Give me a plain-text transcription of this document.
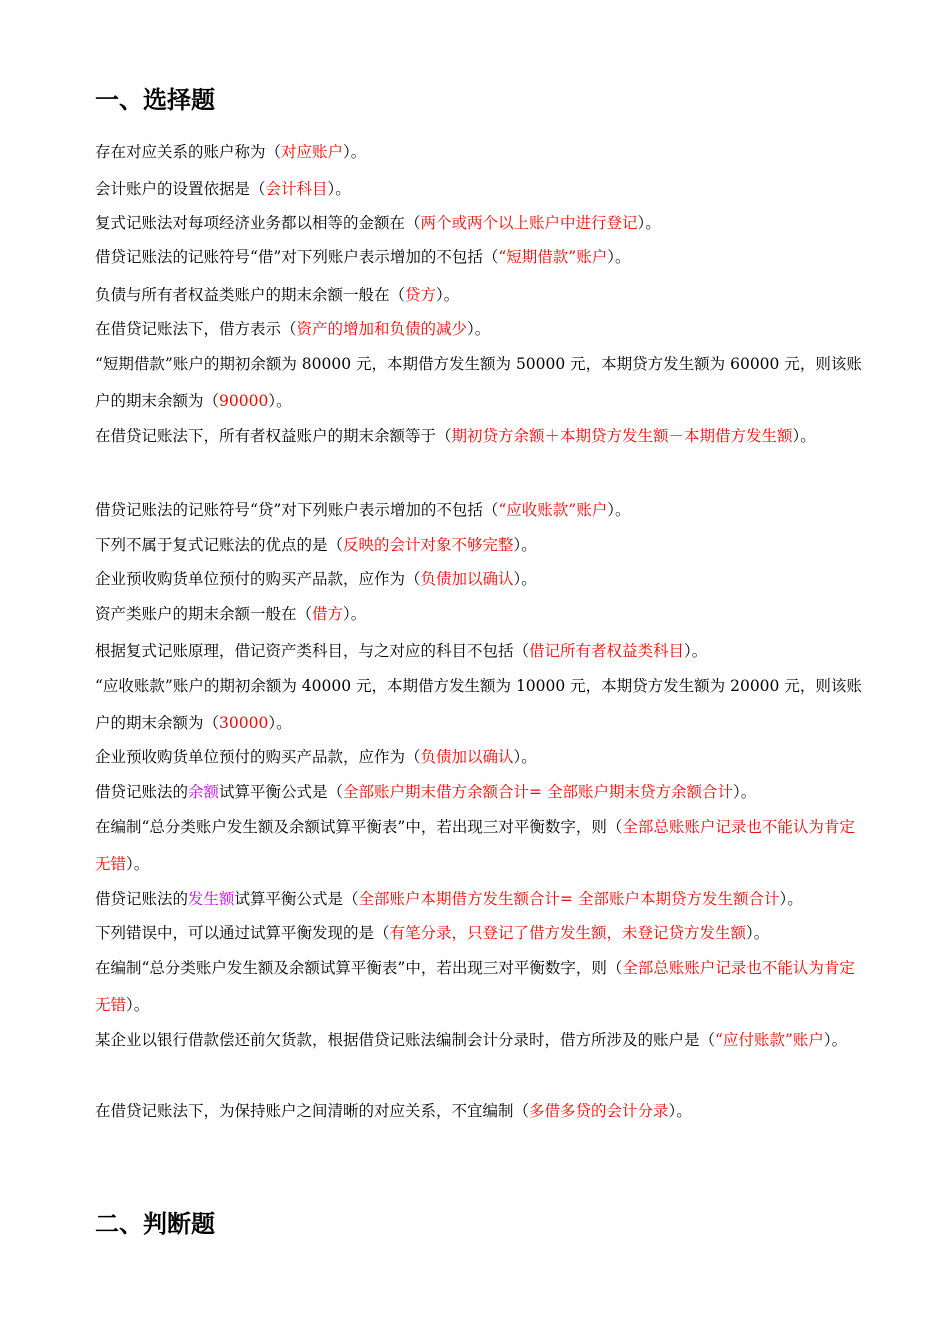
一、选择题

存在对应关系的账户称为（对应账户）。

会计账户的设置依据是（会计科目）。

复式记账法对每项经济业务都以相等的金额在（两个或两个以上账户中进行登记）。

借贷记账法的记账符号“借”对下列账户表示增加的不包括（“短期借款”账户）。

负债与所有者权益类账户的期末余额一般在（贷方）。

在借贷记账法下，借方表示（资产的增加和负债的减少）。

“短期借款”账户的期初余额为 80000 元，本期借方发生额为 50000 元，本期贷方发生额为 60000 元，则该账户的期末余额为（90000）。

在借贷记账法下，所有者权益账户的期末余额等于（期初贷方余额＋本期贷方发生额－本期借方发生额）。

借贷记账法的记账符号“贷”对下列账户表示增加的不包括（“应收账款”账户）。

下列不属于复式记账法的优点的是（反映的会计对象不够完整）。

企业预收购货单位预付的购买产品款，应作为（负债加以确认）。

资产类账户的期末余额一般在（借方）。

根据复式记账原理，借记资产类科目，与之对应的科目不包括（借记所有者权益类科目）。

“应收账款”账户的期初余额为 40000 元，本期借方发生额为 10000 元，本期贷方发生额为 20000 元，则该账户的期末余额为（30000）。

企业预收购货单位预付的购买产品款，应作为（负债加以确认）。

借贷记账法的余额试算平衡公式是（全部账户期末借方余额合计= 全部账户期末贷方余额合计）。

在编制“总分类账户发生额及余额试算平衡表”中，若出现三对平衡数字，则（全部总账账户记录也不能认为肯定无错）。

借贷记账法的发生额试算平衡公式是（全部账户本期借方发生额合计= 全部账户本期贷方发生额合计）。

下列错误中，可以通过试算平衡发现的是（有笔分录，只登记了借方发生额，未登记贷方发生额）。

在编制“总分类账户发生额及余额试算平衡表”中，若出现三对平衡数字，则（全部总账账户记录也不能认为肯定无错）。

某企业以银行借款偿还前欠货款，根据借贷记账法编制会计分录时，借方所涉及的账户是（“应付账款”账户）。

在借贷记账法下，为保持账户之间清晰的对应关系，不宜编制（多借多贷的会计分录）。

二、判断题
